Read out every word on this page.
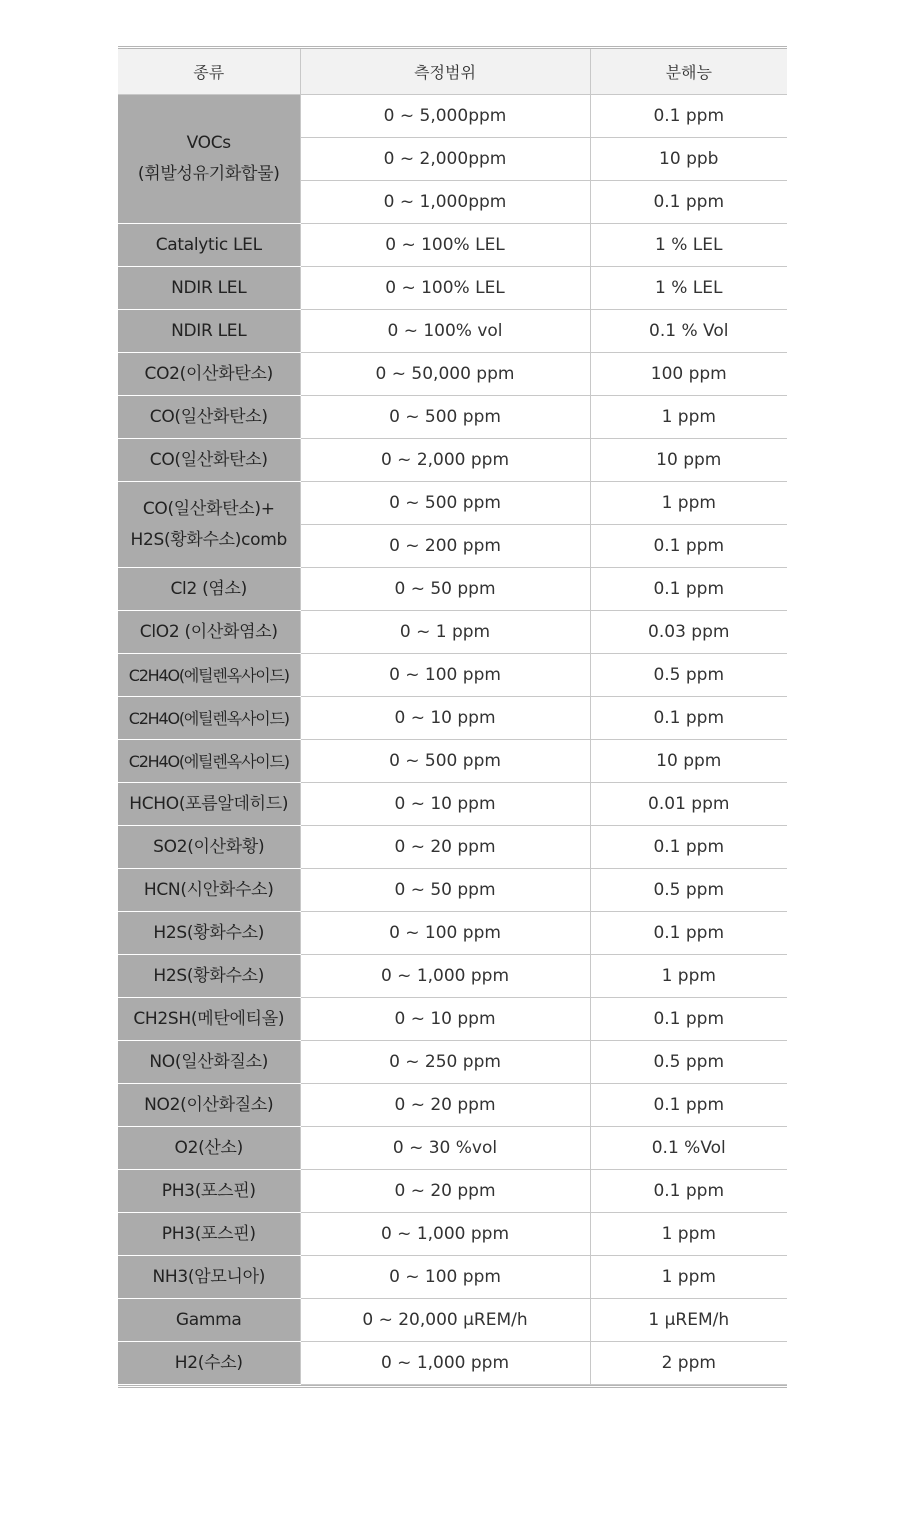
종류	측정범위	분해능

VOCs
(휘발성유기화합물)	0 ~ 5,000ppm	0.1 ppm
	0 ~ 2,000ppm	10 ppb
	0 ~ 1,000ppm	0.1 ppm

Catalytic LEL	0 ~ 100% LEL	1 % LEL

NDIR LEL	0 ~ 100% LEL	1 % LEL

NDIR LEL	0 ~ 100% vol	0.1 % Vol

CO2(이산화탄소)	0 ~ 50,000 ppm	100 ppm

CO(일산화탄소)	0 ~ 500 ppm	1 ppm

CO(일산화탄소)	0 ~ 2,000 ppm	10 ppm

CO(일산화탄소)+
H2S(황화수소)comb	0 ~ 500 ppm	1 ppm
	0 ~ 200 ppm	0.1 ppm

Cl2 (염소)	0 ~ 50 ppm	0.1 ppm

ClO2 (이산화염소)	0 ~ 1 ppm	0.03 ppm

C2H4O(에틸렌옥사이드)	0 ~ 100 ppm	0.5 ppm

C2H4O(에틸렌옥사이드)	0 ~ 10 ppm	0.1 ppm

C2H4O(에틸렌옥사이드)	0 ~ 500 ppm	10 ppm

HCHO(포름알데히드)	0 ~ 10 ppm	0.01 ppm

SO2(이산화황)	0 ~ 20 ppm	0.1 ppm

HCN(시안화수소)	0 ~ 50 ppm	0.5 ppm

H2S(황화수소)	0 ~ 100 ppm	0.1 ppm

H2S(황화수소)	0 ~ 1,000 ppm	1 ppm

CH2SH(메탄에티올)	0 ~ 10 ppm	0.1 ppm

NO(일산화질소)	0 ~ 250 ppm	0.5 ppm

NO2(이산화질소)	0 ~ 20 ppm	0.1 ppm

O2(산소)	0 ~ 30 %vol	0.1 %Vol

PH3(포스핀)	0 ~ 20 ppm	0.1 ppm

PH3(포스핀)	0 ~ 1,000 ppm	1 ppm

NH3(암모니아)	0 ~ 100 ppm	1 ppm

Gamma	0 ~ 20,000 μREM/h	1 μREM/h

H2(수소)	0 ~ 1,000 ppm	2 ppm
